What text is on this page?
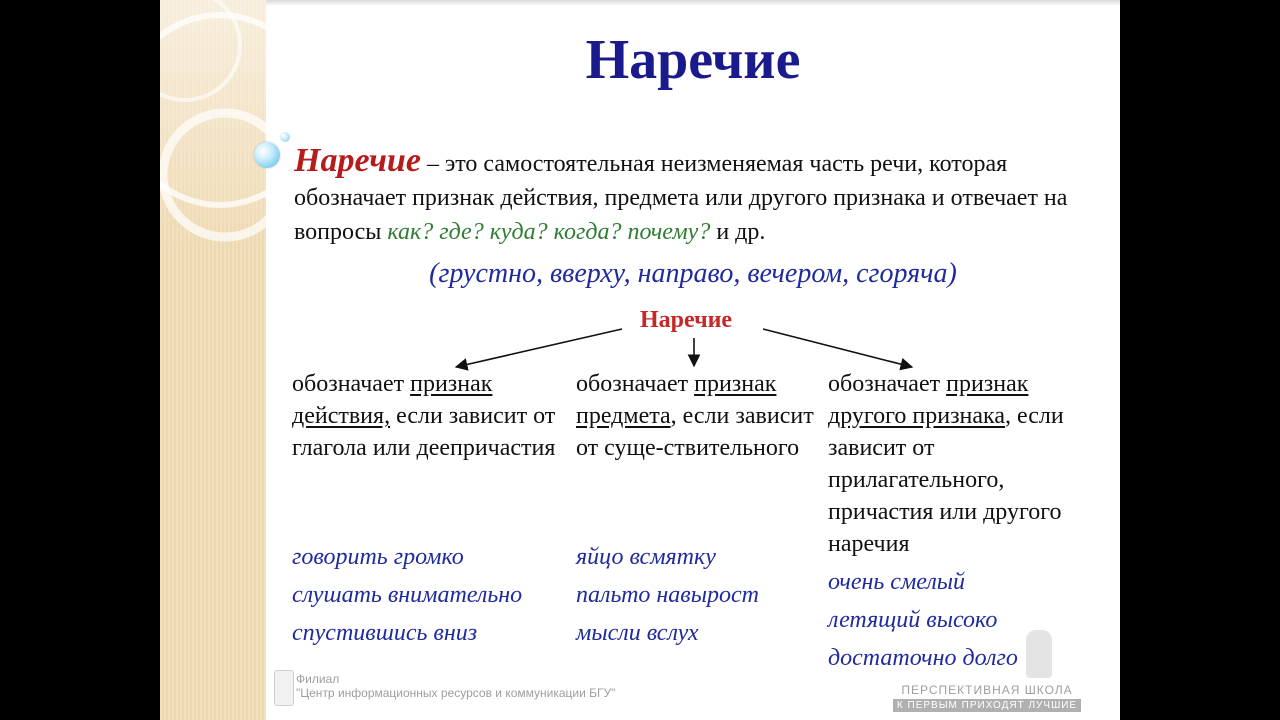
Наречие
Наречие – это самостоятельная неизменяемая часть речи, которая обозначает признак действия, предмета или другого признака и отвечает на вопросы как? где? куда? когда? почему? и др.
(грустно, вверху, направо, вечером, сгоряча)
Наречие
обозначает признак действия, если зависит от глагола или деепричастия
обозначает признак предмета, если зависит от суще-ствительного
обозначает признак другого признака, если зависит от прилагательного, причастия или другого наречия
говорить громко
слушать внимательно
спустившись вниз
яйцо всмятку
пальто навырост
мысли вслух
очень смелый
летящий высоко
достаточно долго
Филиал
"Центр информационных ресурсов и коммуникации БГУ"	ПЕРСПЕКТИВНАЯ ШКОЛА
К ПЕРВЫМ ПРИХОДЯТ ЛУЧШИЕ
